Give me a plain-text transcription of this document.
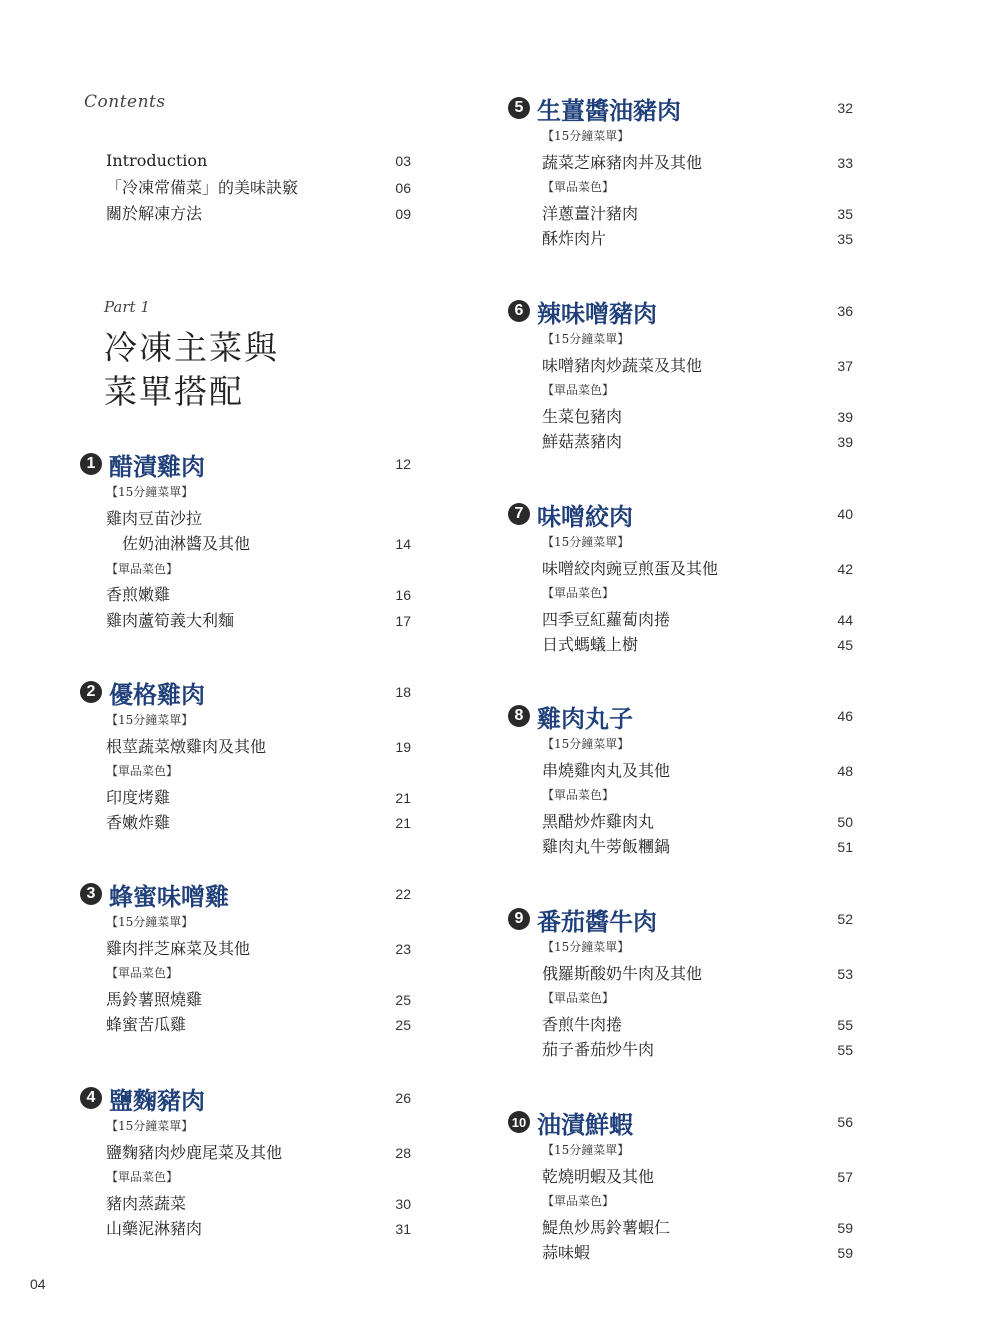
Contents
Introduction	03
「冷凍常備菜」的美味訣竅	06
關於解凍方法	09
Part 1
冷凍主菜與
菜單搭配
1 醋漬雞肉	12
【15分鐘菜單】
雞肉豆苗沙拉
佐奶油淋醬及其他	14
【單品菜色】
香煎嫩雞	16
雞肉蘆筍義大利麵	17
2 優格雞肉	18
【15分鐘菜單】
根莖蔬菜燉雞肉及其他	19
【單品菜色】
印度烤雞	21
香嫩炸雞	21
3 蜂蜜味噌雞	22
【15分鐘菜單】
雞肉拌芝麻菜及其他	23
【單品菜色】
馬鈴薯照燒雞	25
蜂蜜苦瓜雞	25
4 鹽麴豬肉	26
【15分鐘菜單】
鹽麴豬肉炒鹿尾菜及其他	28
【單品菜色】
豬肉蒸蔬菜	30
山藥泥淋豬肉	31
5 生薑醬油豬肉	32
【15分鐘菜單】
蔬菜芝麻豬肉丼及其他	33
【單品菜色】
洋蔥薑汁豬肉	35
酥炸肉片	35
6 辣味噌豬肉	36
【15分鐘菜單】
味噌豬肉炒蔬菜及其他	37
【單品菜色】
生菜包豬肉	39
鮮菇蒸豬肉	39
7 味噌絞肉	40
【15分鐘菜單】
味噌絞肉豌豆煎蛋及其他	42
【單品菜色】
四季豆紅蘿蔔肉捲	44
日式螞蟻上樹	45
8 雞肉丸子	46
【15分鐘菜單】
串燒雞肉丸及其他	48
【單品菜色】
黑醋炒炸雞肉丸	50
雞肉丸牛蒡飯糰鍋	51
9 番茄醬牛肉	52
【15分鐘菜單】
俄羅斯酸奶牛肉及其他	53
【單品菜色】
香煎牛肉捲	55
茄子番茄炒牛肉	55
10 油漬鮮蝦	56
【15分鐘菜單】
乾燒明蝦及其他	57
【單品菜色】
鯷魚炒馬鈴薯蝦仁	59
蒜味蝦	59
04
